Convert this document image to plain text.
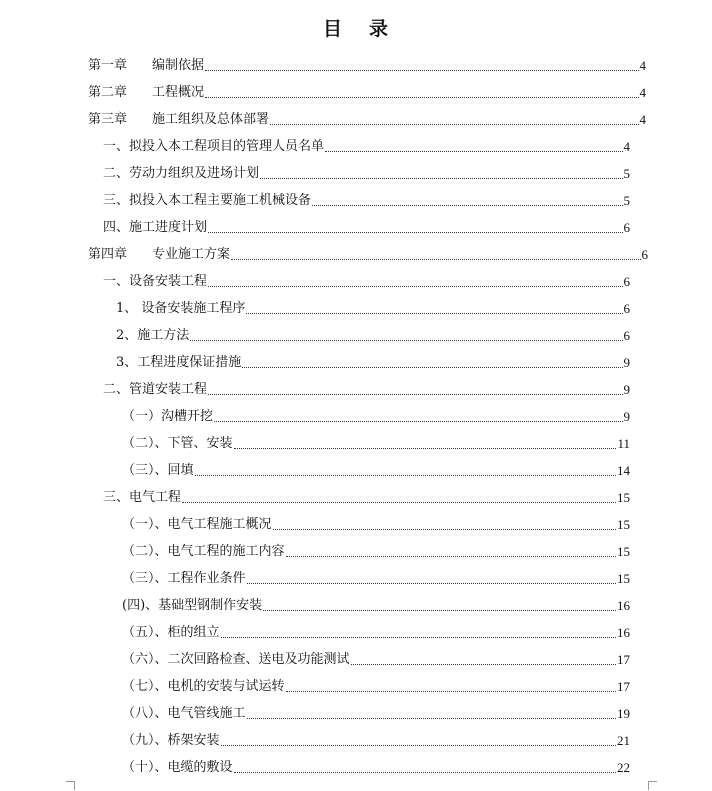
目 录
第一章 编制依据	4
第二章 工程概况	4
第三章 施工组织及总体部署	4
一、拟投入本工程项目的管理人员名单	4
二、劳动力组织及进场计划	5
三、拟投入本工程主要施工机械设备	5
四、施工进度计划	6
第四章 专业施工方案	6
一、设备安装工程	6
1、 设备安装施工程序	6
2、施工方法	6
3、工程进度保证措施	9
二、管道安装工程	9
（一）沟槽开挖	9
（二）、下管、安装	11
（三）、回填	14
三、电气工程	15
（一）、电气工程施工概况	15
（二）、电气工程的施工内容	15
（三）、工程作业条件	15
(四)、基础型钢制作安装	16
（五）、柜的组立	16
（六）、二次回路检查、送电及功能测试	17
（七）、电机的安装与试运转	17
（八）、电气管线施工	19
（九）、桥架安装	21
（十）、电缆的敷设	22
